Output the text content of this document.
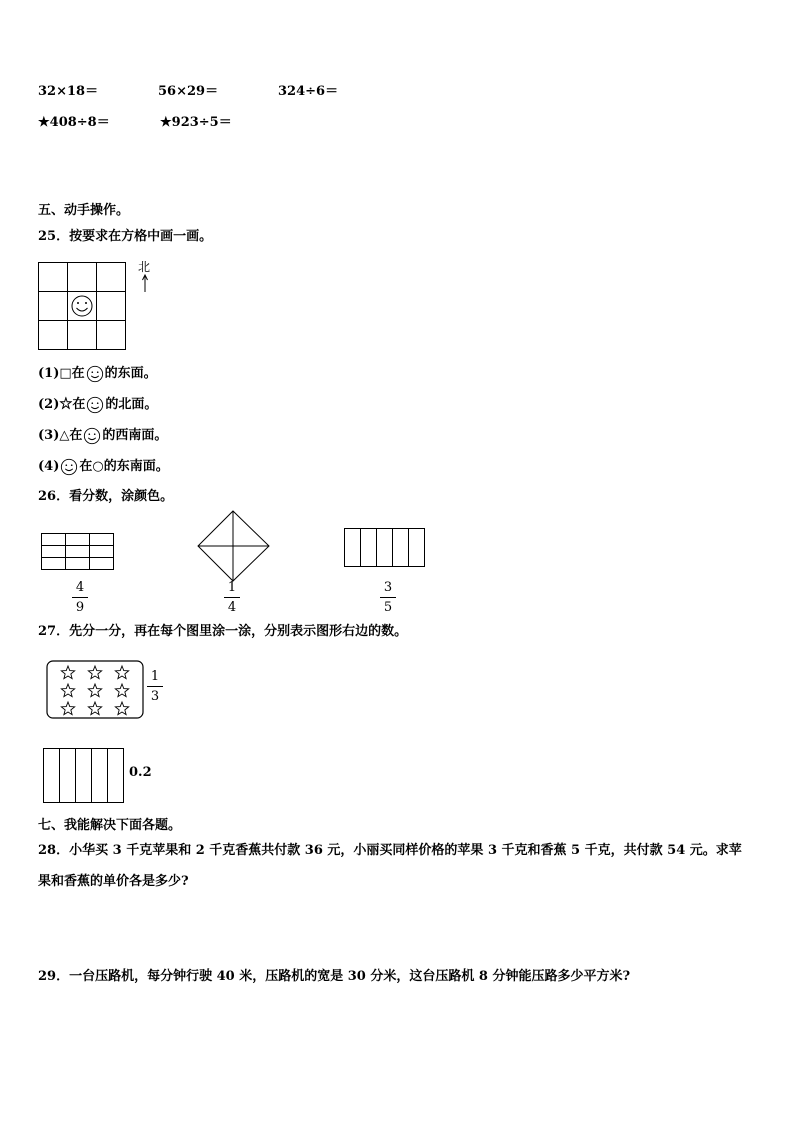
32×18＝	56×29＝	324÷6＝
★408÷8＝	★923÷5＝
五、动手操作。
25．按要求在方格中画一画。
北
(1)□在 的东面。
(2)☆在 的北面。
(3)△在 的西南面。
(4) 在○的东南面。
26．看分数，涂颜色。
4
9
1
4
3
5
27．先分一分，再在每个图里涂一涂，分别表示图形右边的数。
1
3
0.2
七、我能解决下面各题。
28．小华买 3 千克苹果和 2 千克香蕉共付款 36 元，小丽买同样价格的苹果 3 千克和香蕉 5 千克，共付款 54 元。求苹
果和香蕉的单价各是多少?
29．一台压路机，每分钟行驶 40 米，压路机的宽是 30 分米，这台压路机 8 分钟能压路多少平方米?
